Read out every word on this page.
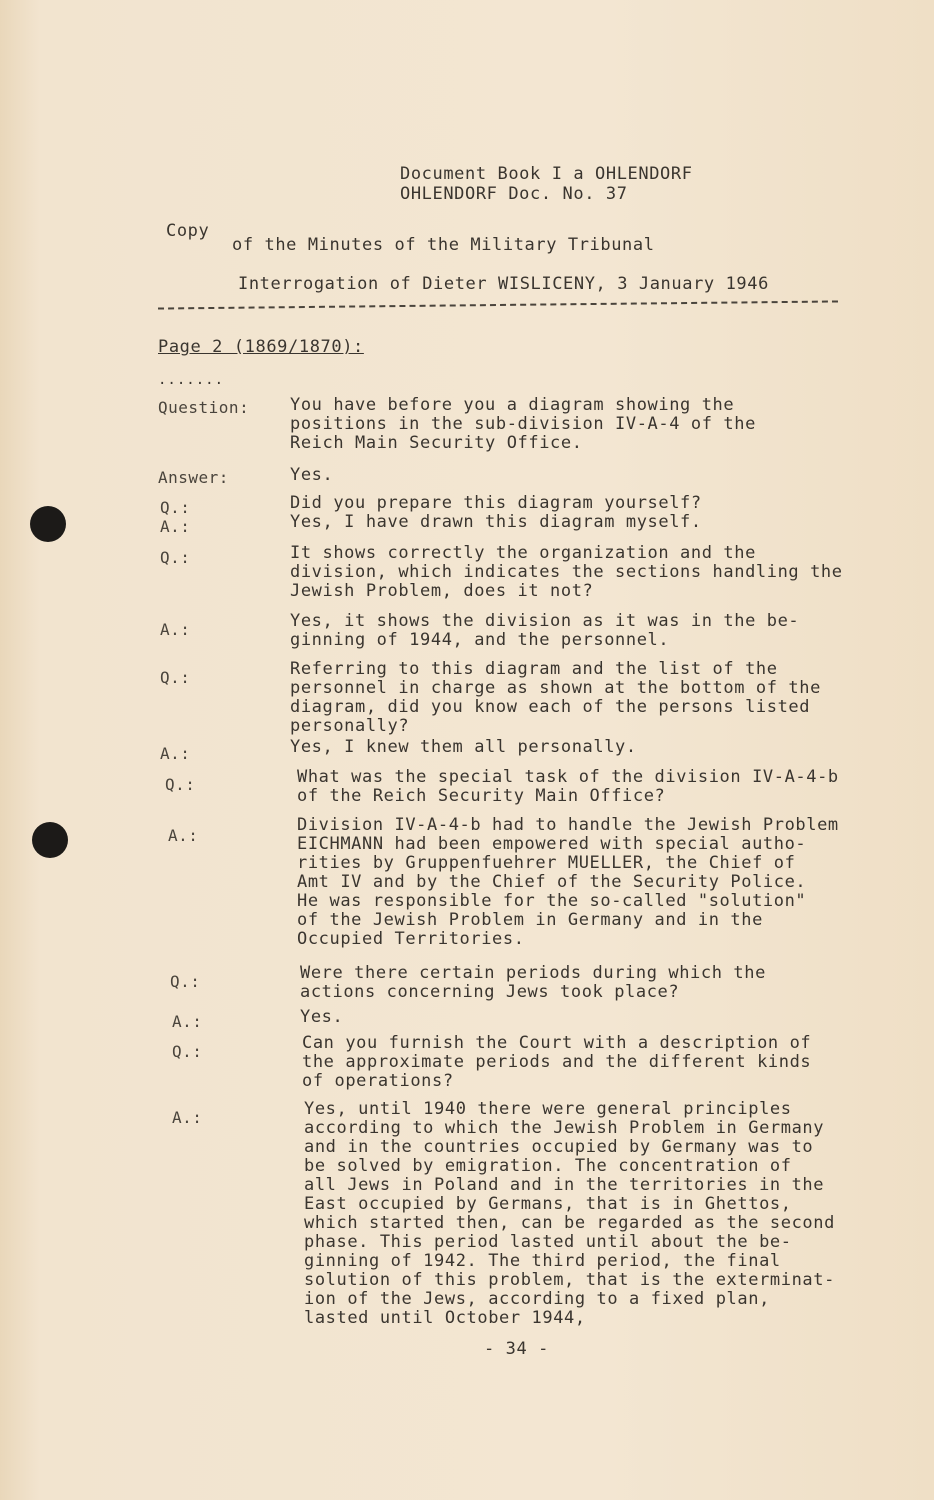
Document Book I a OHLENDORF
OHLENDORF Doc. No. 37
Copy
of the Minutes of the Military Tribunal
Interrogation of Dieter WISLICENY, 3 January 1946
Page 2 (1869/1870):
.......
Question: You have before you a diagram showing the
positions in the sub-division IV-A-4 of the
Reich Main Security Office.
Answer:	Yes.
Q.:	Did you prepare this diagram yourself?
A.:	Yes, I have drawn this diagram myself.
Q.:	It shows correctly the organization and the
division, which indicates the sections handling the
Jewish Problem, does it not?
A.:	Yes, it shows the division as it was in the be-
ginning of 1944, and the personnel.
Q.:	Referring to this diagram and the list of the
personnel in charge as shown at the bottom of the
diagram, did you know each of the persons listed
personally?
A.:	Yes, I knew them all personally.
Q.:	What was the special task of the division IV-A-4-b
of the Reich Security Main Office?
A.:
Division IV-A-4-b had to handle the Jewish Problem
EICHMANN had been empowered with special autho-
rities by Gruppenfuehrer MUELLER, the Chief of
Amt IV and by the Chief of the Security Police.
He was responsible for the so-called "solution"
of the Jewish Problem in Germany and in the
Occupied Territories.
Q.:	Were there certain periods during which the
actions concerning Jews took place?
A.:	Yes.
Q.:	Can you furnish the Court with a description of
the approximate periods and the different kinds
of operations?
A.:	Yes, until 1940 there were general principles
according to which the Jewish Problem in Germany
and in the countries occupied by Germany was to
be solved by emigration. The concentration of
all Jews in Poland and in the territories in the
East occupied by Germans, that is in Ghettos,
which started then, can be regarded as the second
phase. This period lasted until about the be-
ginning of 1942. The third period, the final
solution of this problem, that is the exterminat-
ion of the Jews, according to a fixed plan,
lasted until October 1944,
- 34 -
